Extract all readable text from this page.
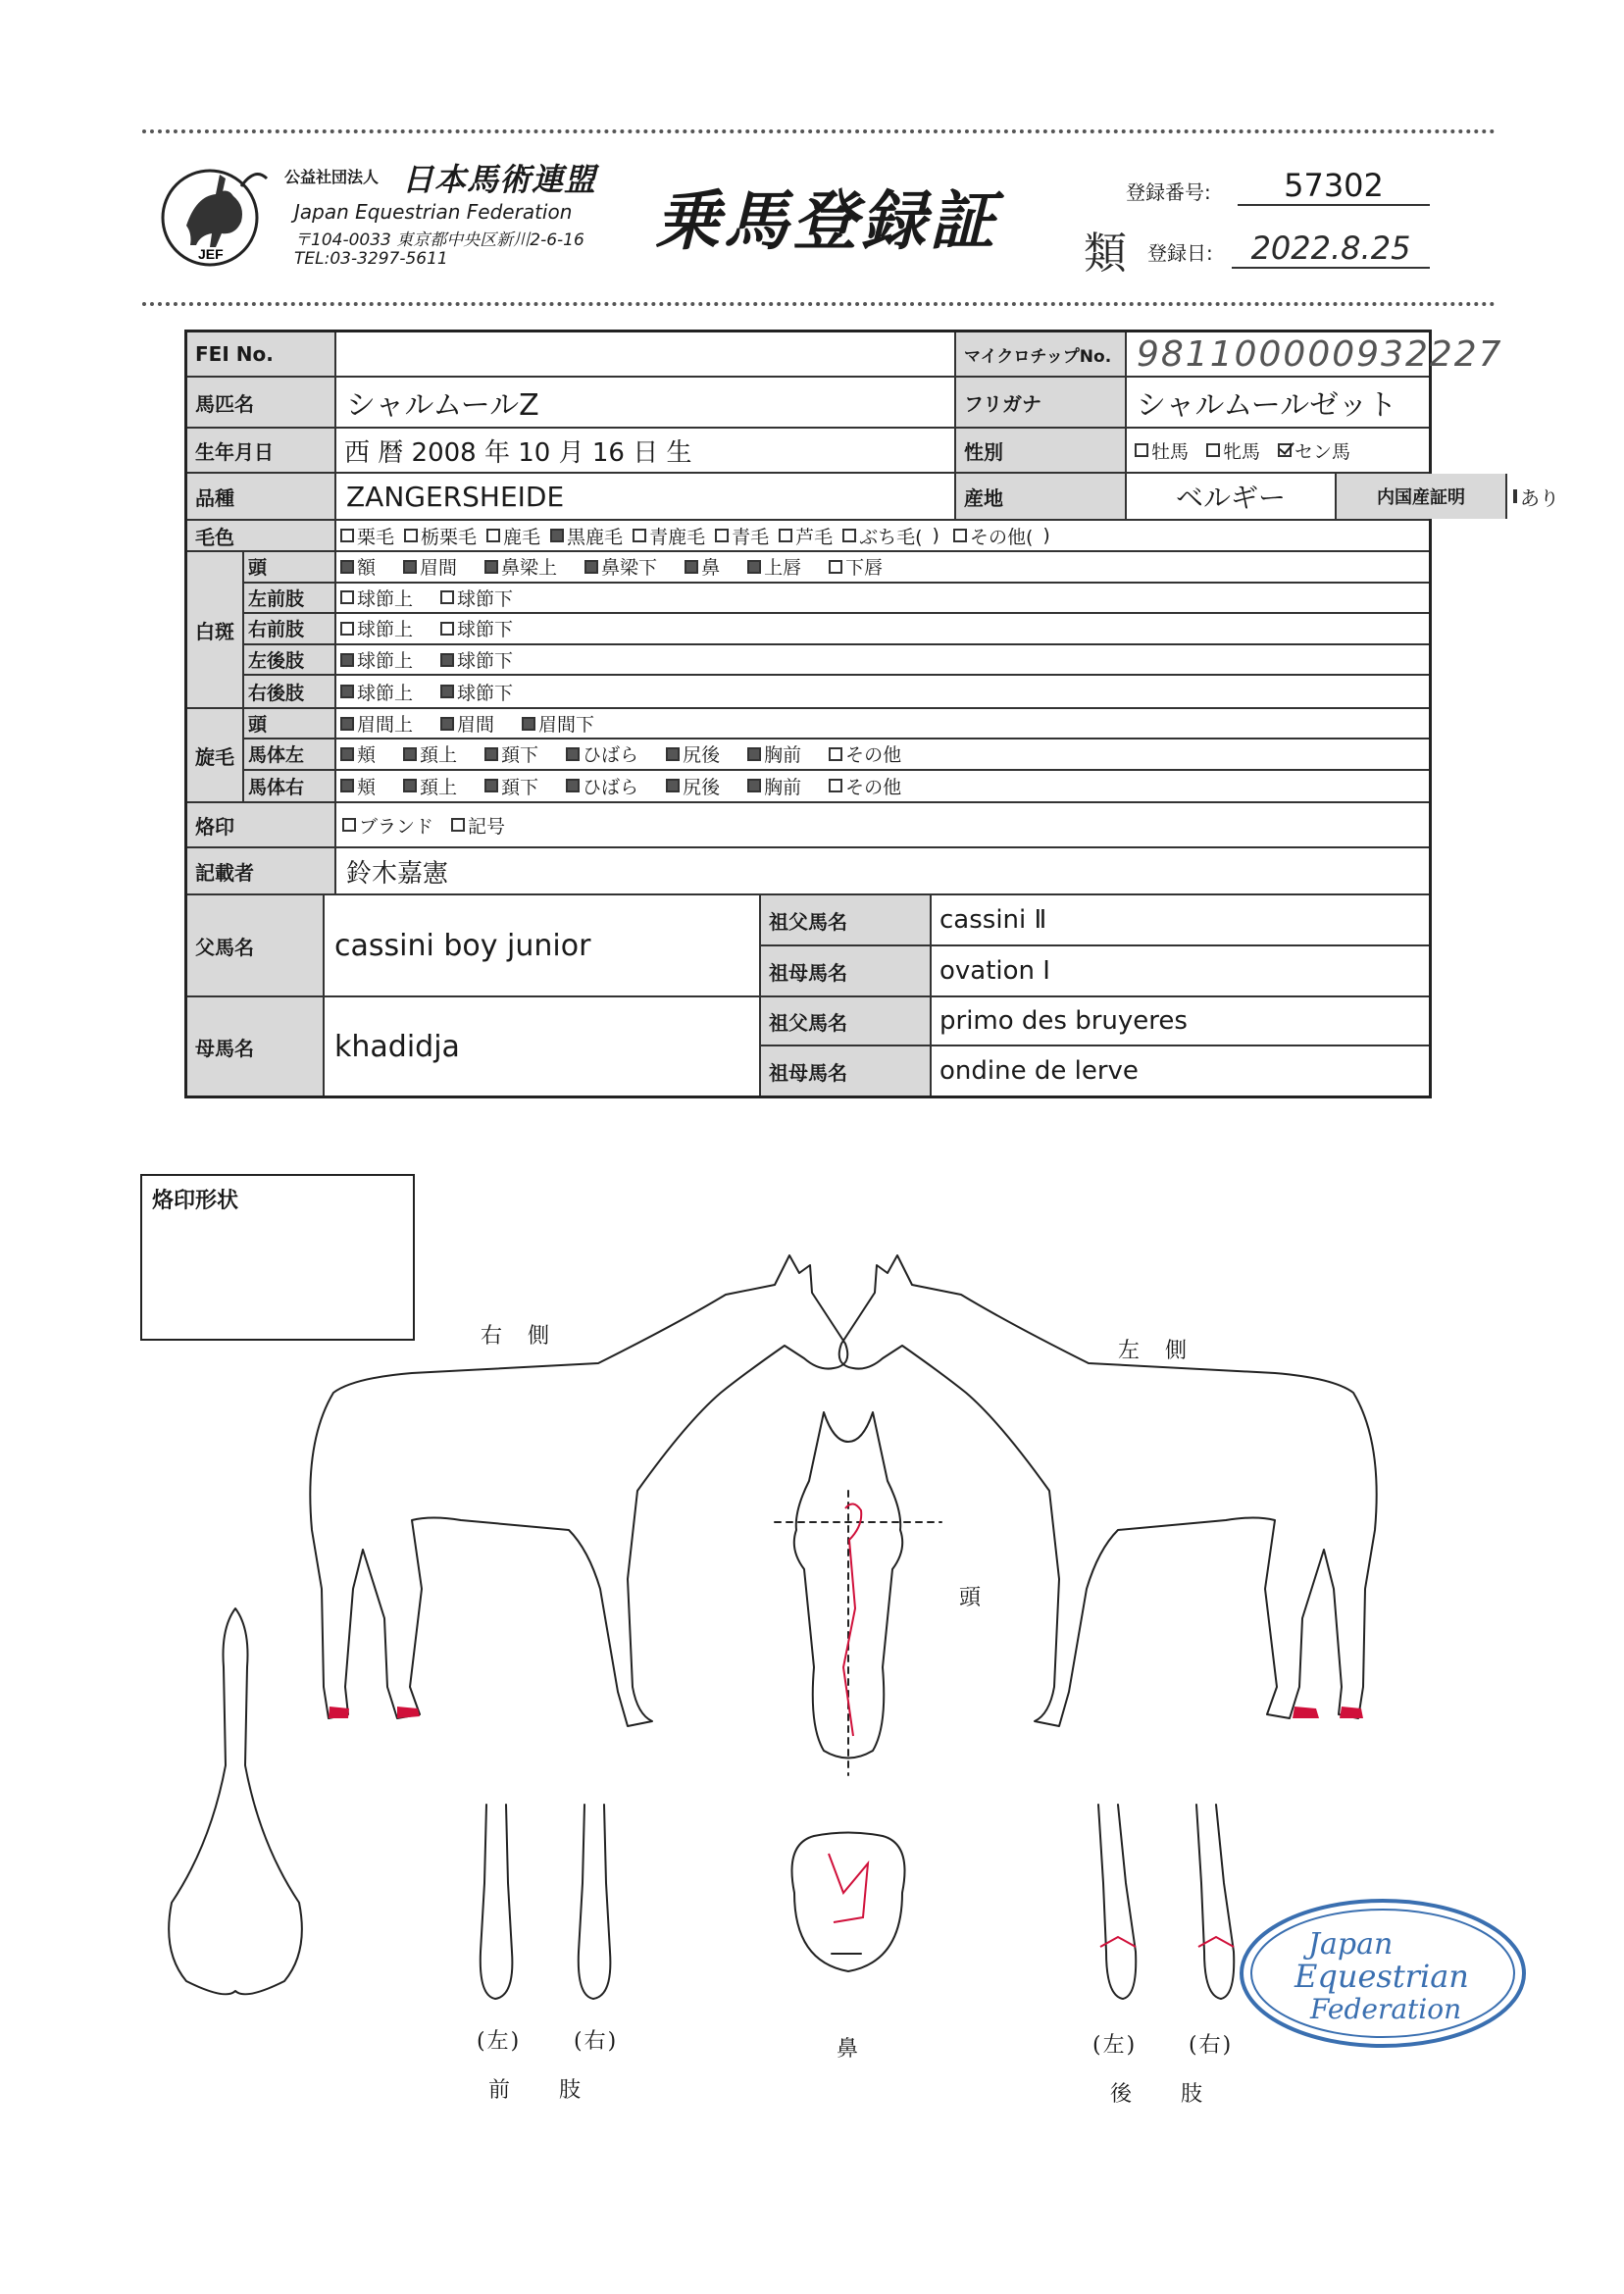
JEF
公益社団法人 日本馬術連盟
Japan Equestrian Federation
〒104-0033 東京都中央区新川2-6-16
TEL:03-3297-5611	乗馬登録証	登録番号:	57302
類 登録日:	2022.8.25
FEI No.	マイクロチップNo. 981100000932227
馬匹名	シャルムールZ	フリガナ	シャルムールゼット
生年月日	西 暦 2008 年 10 月 16 日 生	性別	牡馬 牝馬 セン馬
品種	ZANGERSHEIDE	産地	ベルギー	内国産証明	あり
毛色	栗毛 栃栗毛 鹿毛 黒鹿毛 青鹿毛 青毛 芦毛 ぶち毛( ) その他( )
白斑
頭	額 眉間 鼻梁上 鼻梁下 鼻 上唇 下唇
左前肢	球節上 球節下
右前肢	球節上 球節下
左後肢	球節上 球節下
右後肢	球節上 球節下
旋毛
頭	眉間上 眉間 眉間下
馬体左	頬 頚上 頚下 ひばら 尻後 胸前 その他
馬体右	頬 頚上 頚下 ひばら 尻後 胸前 その他
烙印	ブランド 記号
記載者	鈴木嘉憲
父馬名	cassini boy junior
祖父馬名	cassini Ⅱ
祖母馬名	ovation Ⅰ
母馬名	khadidja
祖父馬名	primo des bruyeres
祖母馬名	ondine de lerve
烙印形状
右　側
左　側
頭
鼻
(左) (右)
前　　肢
(左) (右)
後　　肢
Japan
Equestrian
Federation
